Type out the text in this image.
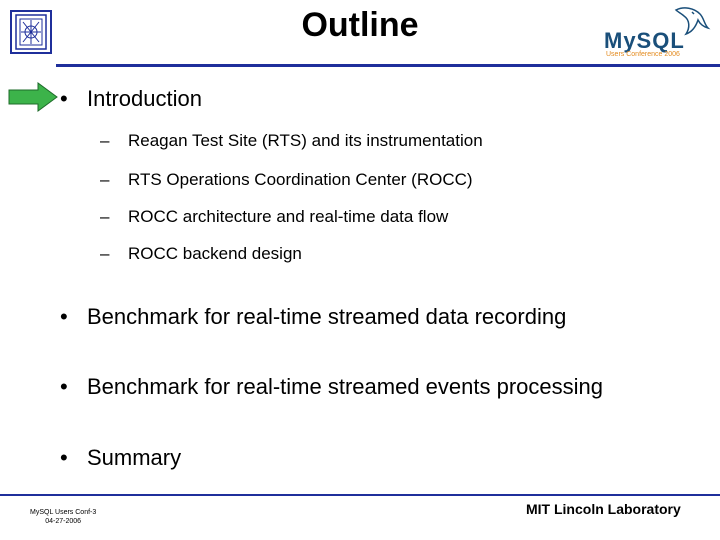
Outline	MySQL
Users Conference 2006
• Introduction
– Reagan Test Site (RTS) and its instrumentation
– RTS Operations Coordination Center (ROCC)
– ROCC architecture and real-time data flow
– ROCC backend design
• Benchmark for real-time streamed data recording
• Benchmark for real-time streamed events processing
• Summary
MySQL Users Conf-3
04-27-2006
MIT Lincoln Laboratory
